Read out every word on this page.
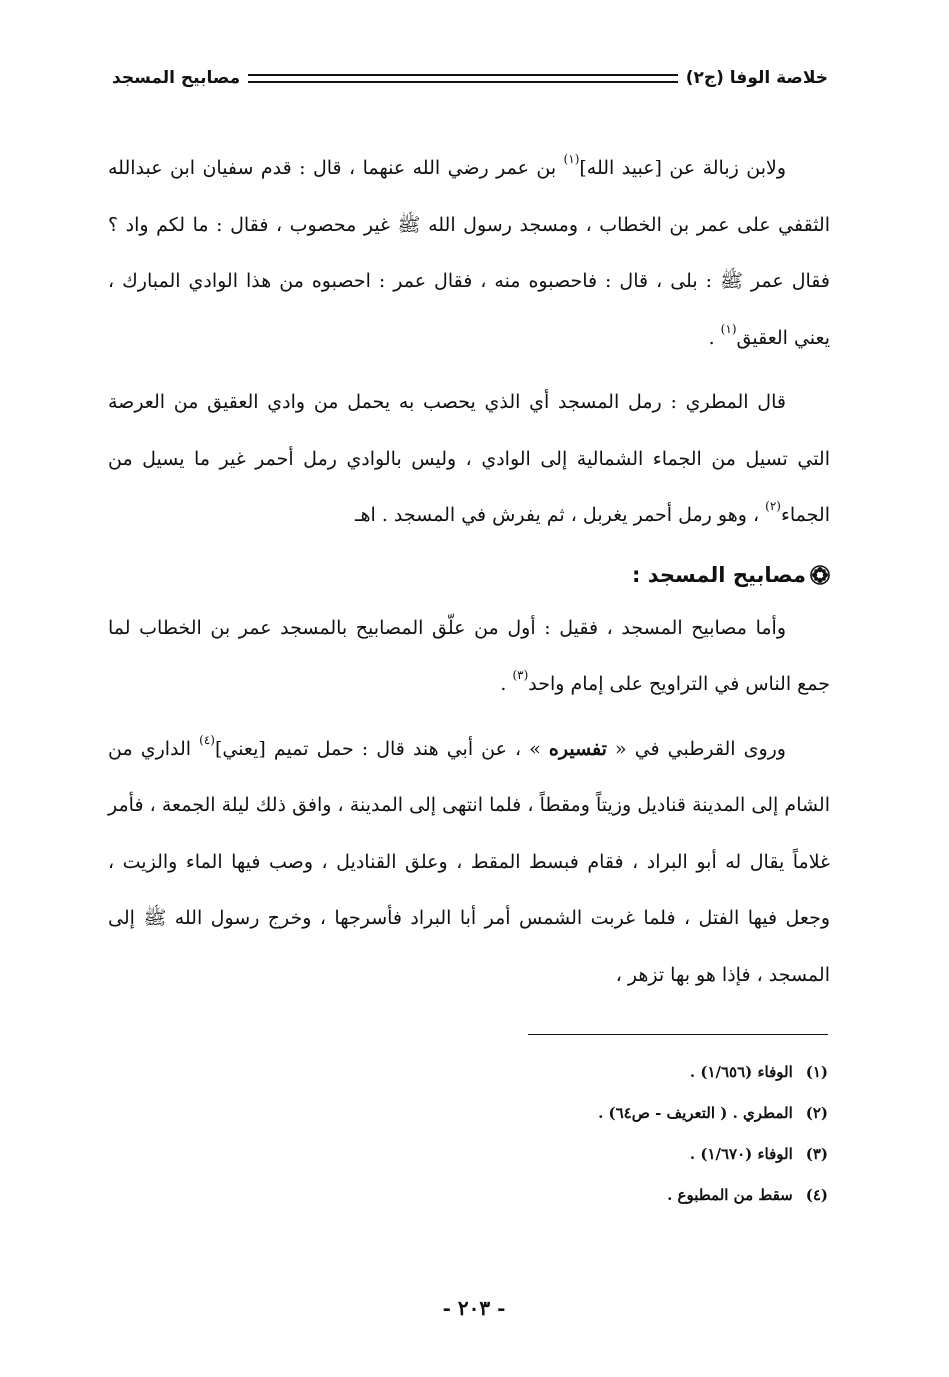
خلاصة الوفا (ج٢)
مصابيح المسجد

ولابن زبالة عن [عبيد الله]$^{(١)}$ بن عمر رضي الله عنهما ، قال : قدم سفيان ابن عبدالله الثقفي على عمر بن الخطاب ، ومسجد رسول الله ﷺ غير محصوب ، فقال : ما لكم واد ؟ فقال عمر ﷺ : بلى ، قال : فاحصبوه منه ، فقال عمر : احصبوه من هذا الوادي المبارك ، يعني العقيق$^{(١)}$ .

قال المطري : رمل المسجد أي الذي يحصب به يحمل من وادي العقيق من العرصة التي تسيل من الجماء الشمالية إلى الوادي ، وليس بالوادي رمل أحمر غير ما يسيل من الجماء$^{(٢)}$ ، وهو رمل أحمر يغربل ، ثم يفرش في المسجد . اهـ

مصابيح المسجد :

وأما مصابيح المسجد ، فقيل : أول من علّق المصابيح بالمسجد عمر بن الخطاب لما جمع الناس في التراويح على إمام واحد$^{(٣)}$ .

وروى القرطبي في « تفسيره » ، عن أبي هند قال : حمل تميم [يعني]$^{(٤)}$ الداري من الشام إلى المدينة قناديل وزيتاً ومقطاً ، فلما انتهى إلى المدينة ، وافق ذلك ليلة الجمعة ، فأمر غلاماً يقال له أبو البراد ، فقام فبسط المقط ، وعلق القناديل ، وصب فيها الماء والزيت ، وجعل فيها الفتل ، فلما غربت الشمس أمر أبا البراد فأسرجها ، وخرج رسول الله ﷺ إلى المسجد ، فإذا هو بها تزهر ،

(١) الوفاء (١/٦٥٦) .

(٢) المطري . ( التعريف - ص٦٤) .

(٣) الوفاء (١/٦٧٠) .

(٤) سقط من المطبوع .

- ٢٠٣ -
